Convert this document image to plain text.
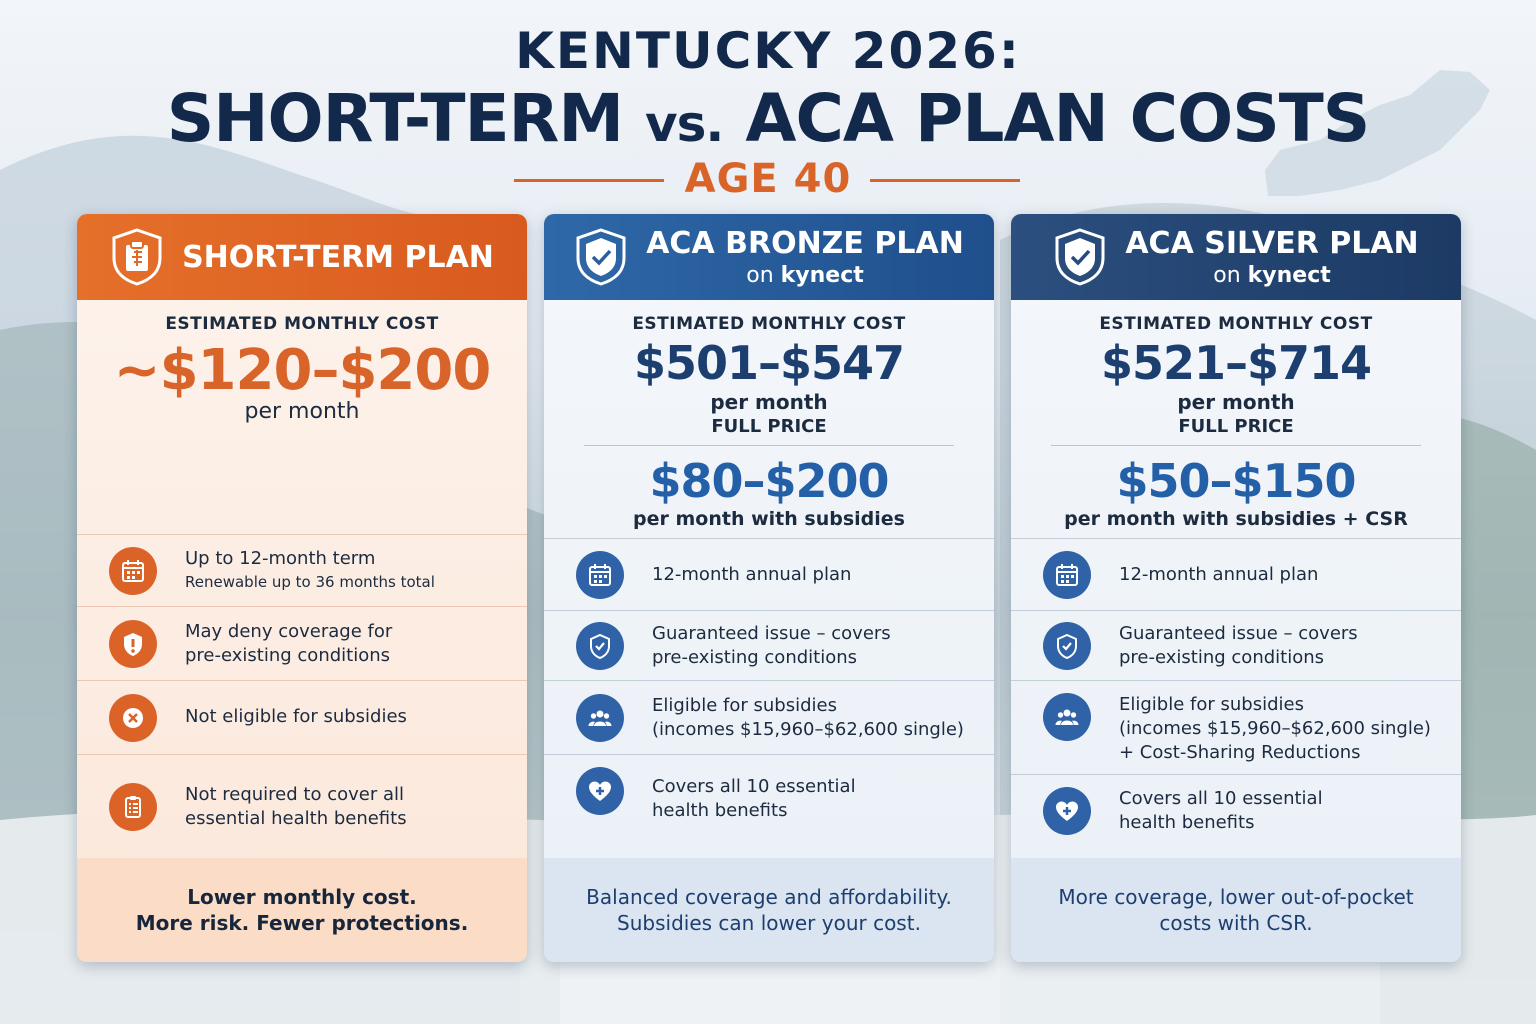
KENTUCKY 2026:
SHORT-TERM vs. ACA PLAN COSTS
AGE 40
SHORT-TERM PLAN
ESTIMATED MONTHLY COST
~$120–$200
per month
Up to 12-month term
Renewable up to 36 months total
May deny coverage for
pre-existing conditions
Not eligible for subsidies
Not required to cover all
essential health benefits
Lower monthly cost.
More risk. Fewer protections.
ACA BRONZE PLAN
on kynect
ESTIMATED MONTHLY COST
$501–$547
per month
FULL PRICE
$80–$200
per month with subsidies
12-month annual plan
Guaranteed issue – covers
pre-existing conditions
Eligible for subsidies
(incomes $15,960–$62,600 single)
Covers all 10 essential
health benefits
Balanced coverage and affordability.
Subsidies can lower your cost.
ACA SILVER PLAN
on kynect
ESTIMATED MONTHLY COST
$521–$714
per month
FULL PRICE
$50–$150
per month with subsidies + CSR
12-month annual plan
Guaranteed issue – covers
pre-existing conditions
Eligible for subsidies
(incomes $15,960–$62,600 single)
+ Cost-Sharing Reductions
Covers all 10 essential
health benefits
More coverage, lower out-of-pocket
costs with CSR.
